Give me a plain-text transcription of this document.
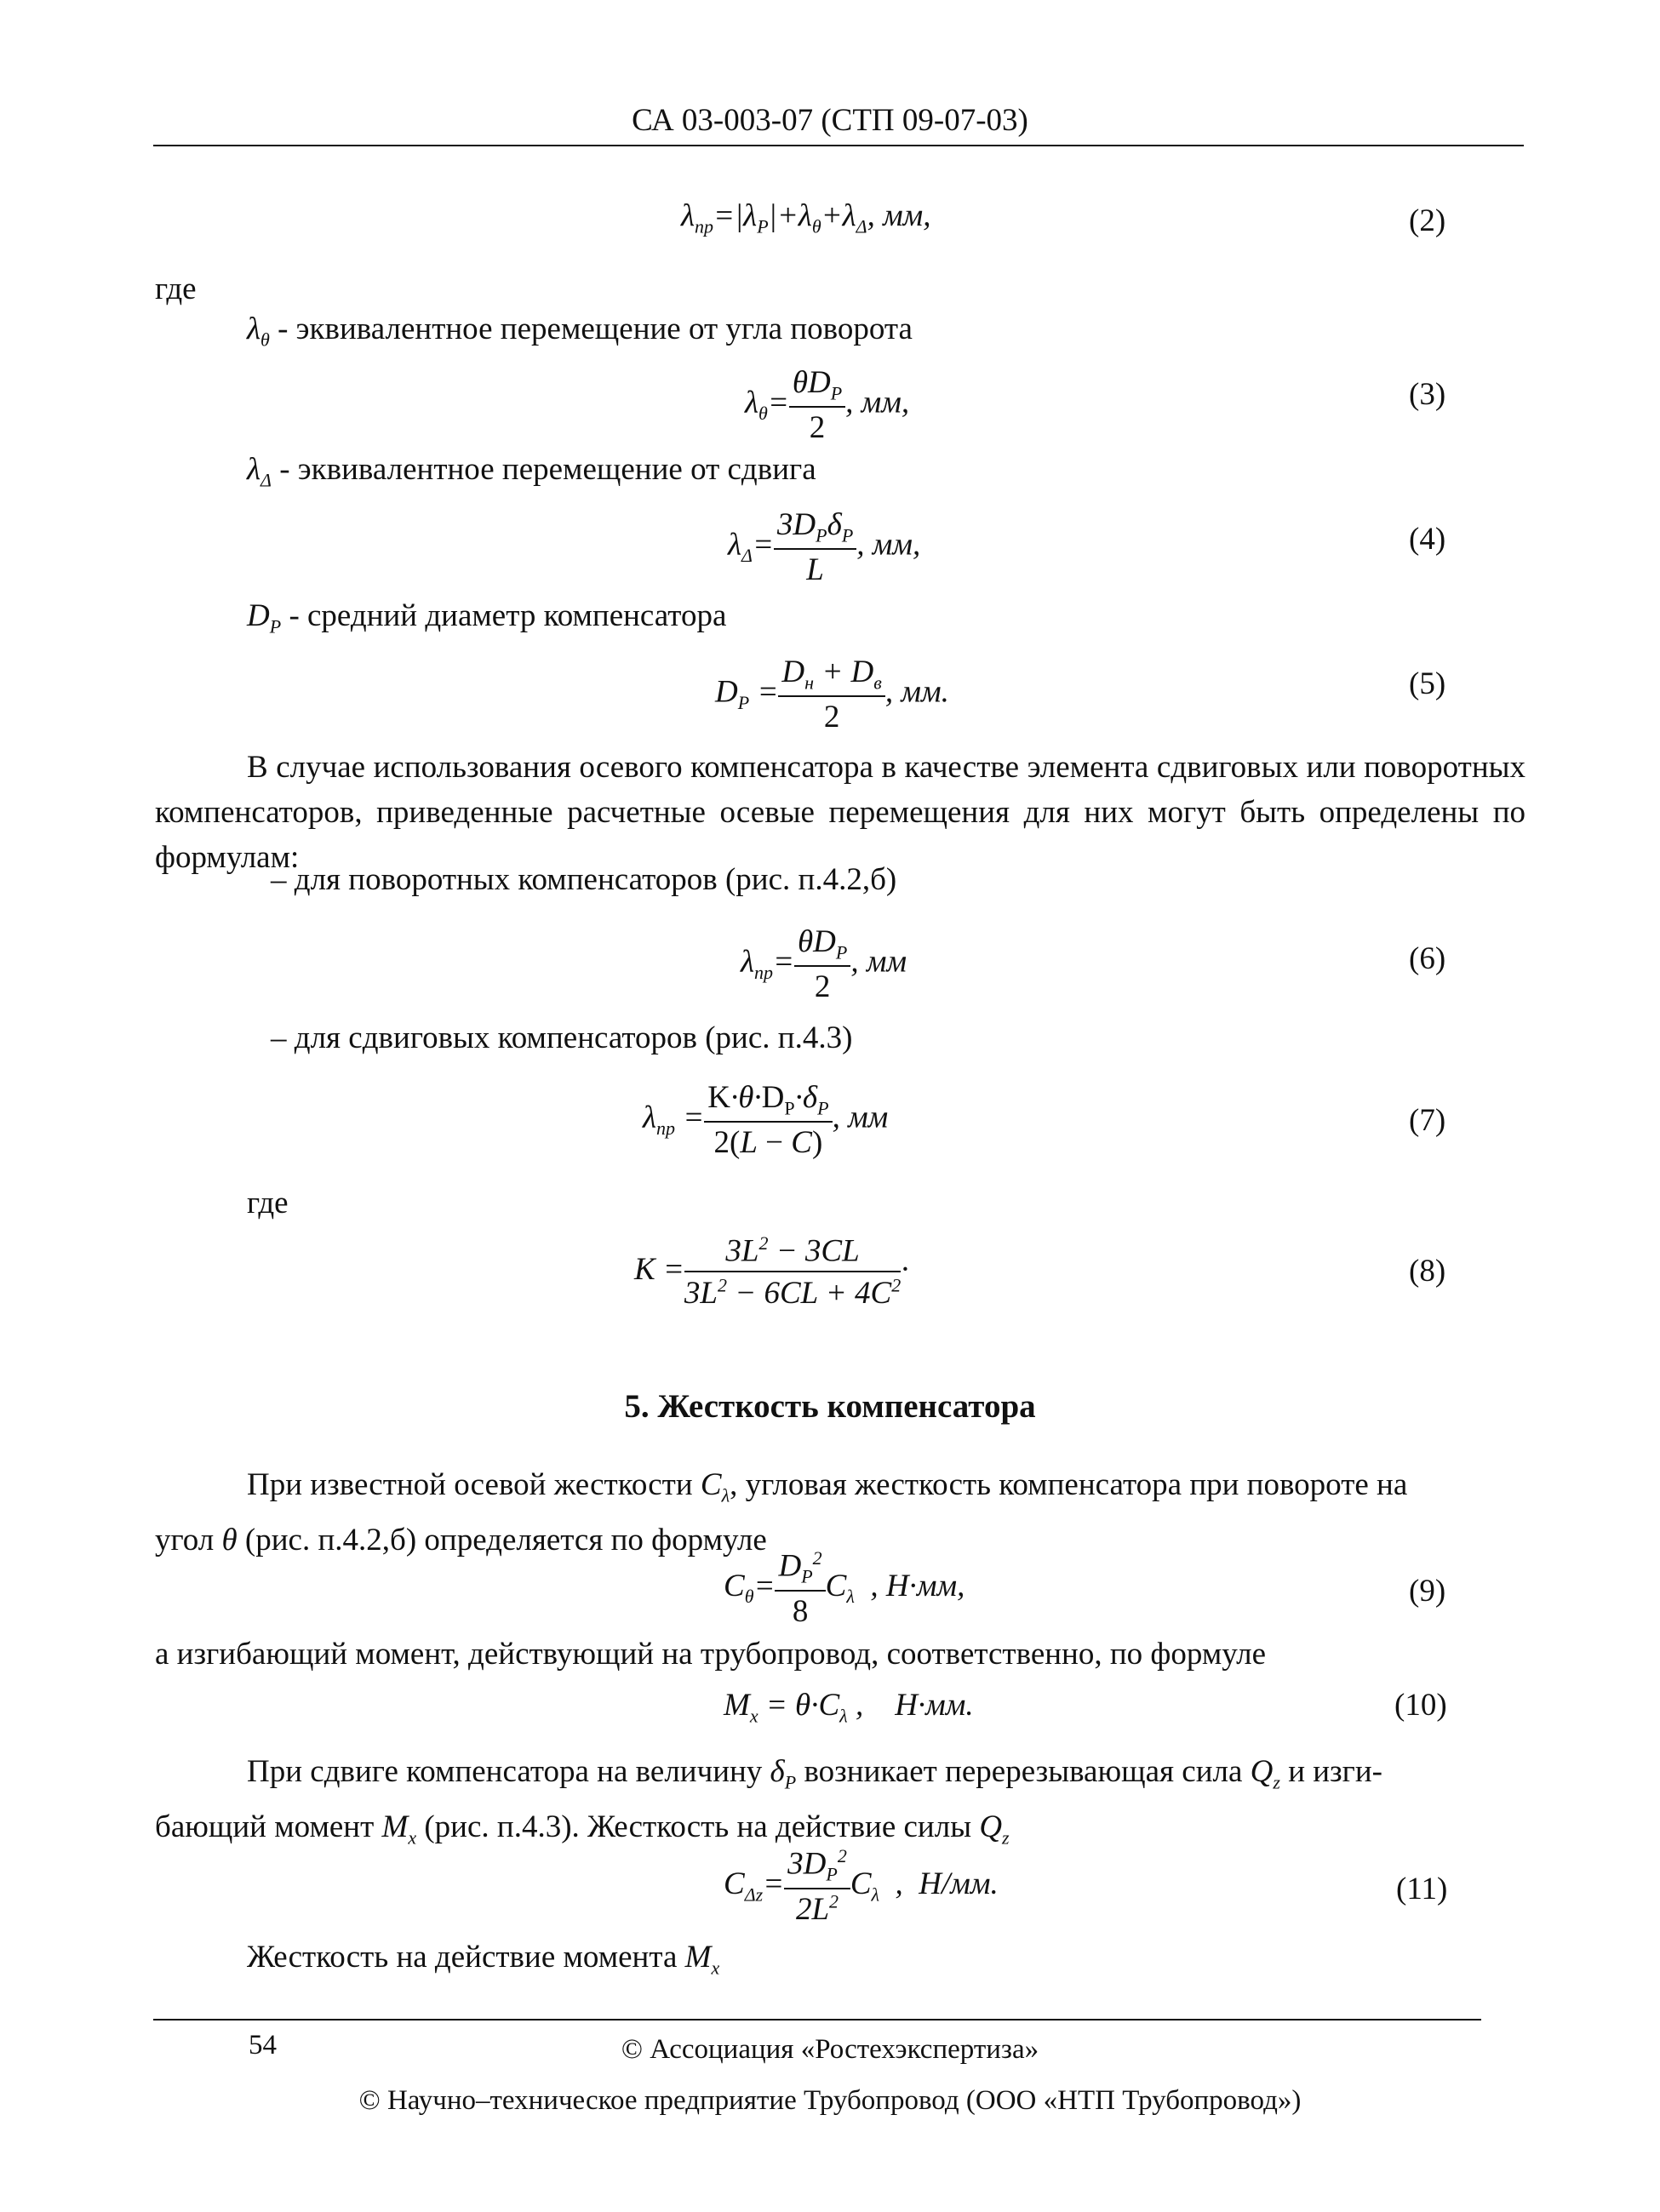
СА 03-003-07 (СТП 09-07-03)
$\lambda_{пр}=|\lambda_P|+\lambda_\theta+\lambda_\Delta$, мм,	(2)
где
$\lambda_\theta$ - эквивалентное перемещение от угла поворота
$\lambda_\theta=$
$\theta D_P$
2
, мм,	(3)
$\lambda_\Delta$ - эквивалентное перемещение от сдвига
$\lambda_\Delta=$
$3D_P\delta_P$
L
, мм,	(4)
$D_P$ - средний диаметр компенсатора
$D_P$ =
$D_н + D_в$
2
, мм.	(5)
В случае использования осевого компенсатора в качестве элемента сдвиговых или поворотных компенсаторов, приведенные расчетные осевые перемещения для них могут быть определены по формулам:
– для поворотных компенсаторов (рис. п.4.2,б)
$\lambda_{пр}=$
$\theta D_P$
2
, мм	(6)
– для сдвиговых компенсаторов (рис. п.4.3)
$\lambda_{пр} = \frac{K\cdot\theta\cdot D_P\cdot\delta_P}{2(L - C)}$ , мм	(7)
где
$K = \frac{3L^2 - 3CL}{3L^2 - 6CL + 4C^2}$ ·	(8)
5. Жесткость компенсатора
При известной осевой жесткости $C_\lambda$, угловая жесткость компенсатора при повороте на
угол θ (рис. п.4.2,б) определяется по формуле
$C_\theta= \frac{D_P^2}{8} C_\lambda$  , Н·мм,	(9)
а изгибающий момент, действующий на трубопровод, соответственно, по формуле
$M_x = \theta\cdot C_\lambda$ ,    Н·мм.	(10)
При сдвиге компенсатора на величину $\delta_P$ возникает перерезывающая сила $Q_z$ и изги-
бающий момент $M_x$ (рис. п.4.3). Жесткость на действие силы $Q_z$
$C_{\Delta z}= \frac{3D_P^2}{2L^2} C_\lambda$  ,  Н/мм.	(11)
Жесткость на действие момента $M_x$
54	© Ассоциация «Ростехэкспертиза»
© Научно–техническое предприятие Трубопровод (ООО «НТП Трубопровод»)
